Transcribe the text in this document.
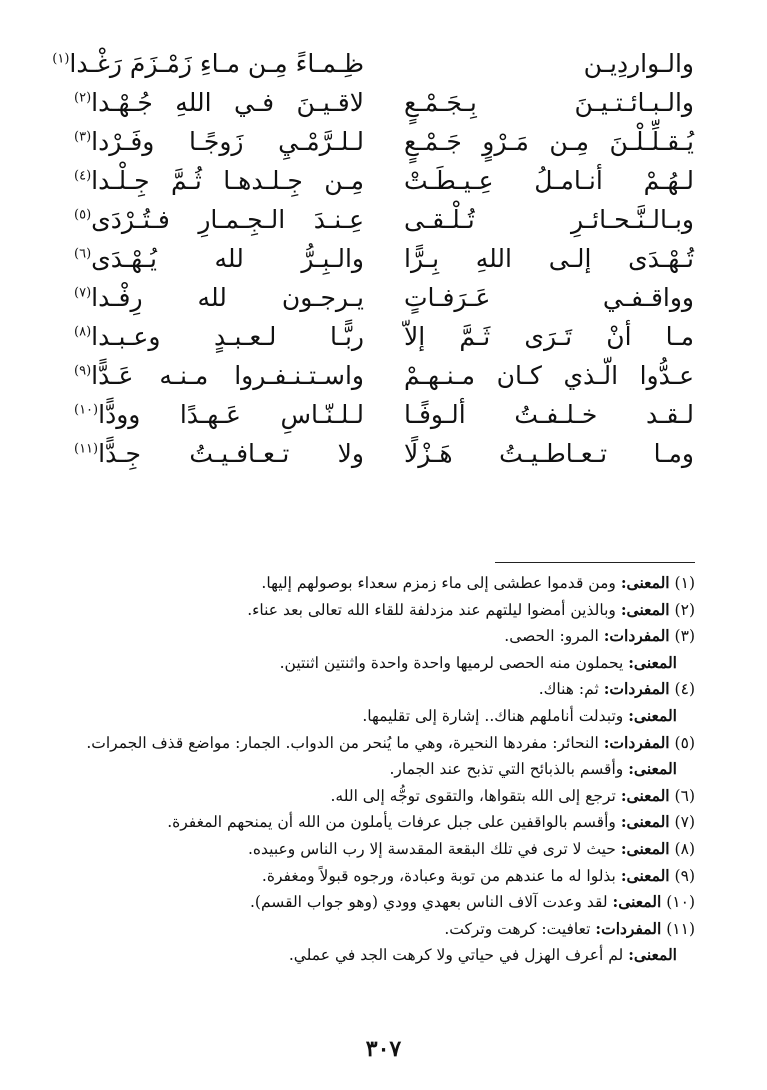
والـواردِيـن
ظِـمـاءً مِـن مـاءِ زَمْـزَمَ رَغْـدا$^{(١)}$
والـبـائـتـيـنَ بِـجَـمْـعٍ
لاقـيـنَ فـي اللهِ جُـهْـدا$^{(٢)}$
يُـقـلِّـلْـنَ مِـن مَـرْوٍ جَـمْـعٍ
لـلـرَّمْـيِ زَوجًـا وفَـرْدا$^{(٣)}$
لـهُـمْ أنـامـلُ عِـيـطَـتْ
مِـن جِـلـدهـا ثُـمَّ جِـلْـدا$^{(٤)}$
وبـالـنَّـحـائـرِ تُـلْـقـى
عِـنـدَ الـجِـمـارِ فـتُـرْدَى$^{(٥)}$
تُـهْـدَى إلـى اللهِ بِـرًّا
والـبِـرُّ لله يُـهْـدَى$^{(٦)}$
وواقـفـي عَـرَفـاتٍ
يـرجـون لله رِفْـدا$^{(٧)}$
مـا أنْ تَـرَى ثَـمَّ إلاّ
ربًّـا لـعـبـدٍ وعـبـدا$^{(٨)}$
عـدُّوا الّـذي كـان مـنـهـمْ
واسـتـنـفـروا مـنـه عَـدًّا$^{(٩)}$
لـقـد خـلـفـتُ ألـوفًـا
لـلـنّـاسِ عَـهـدًا وودًّا$^{(١٠)}$
ومـا تـعـاطـيـتُ هَـزْلًا
ولا تـعـافـيـتُ جِـدًّا$^{(١١)}$
(١) المعنى: ومن قدموا عطشى إلى ماء زمزم سعداء بوصولهم إليها.
(٢) المعنى: وبالذين أمضوا ليلتهم عند مزدلفة للقاء الله تعالى بعد عناء.
(٣) المفردات: المرو: الحصى.
المعنى: يحملون منه الحصى لرميها واحدة واحدة واثنتين اثنتين.
(٤) المفردات: ثم: هناك.
المعنى: وتبدلت أناملهم هناك.. إشارة إلى تقليمها.
(٥) المفردات: النحائر: مفردها النحيرة، وهي ما يُنحر من الدواب. الجمار: مواضع قذف الجمرات.
المعنى: وأقسم بالذبائح التي تذبح عند الجمار.
(٦) المعنى: ترجع إلى الله بتقواها، والتقوى توجُّه إلى الله.
(٧) المعنى: وأقسم بالواقفين على جبل عرفات يأملون من الله أن يمنحهم المغفرة.
(٨) المعنى: حيث لا ترى في تلك البقعة المقدسة إلا رب الناس وعبيده.
(٩) المعنى: بذلوا له ما عندهم من توبة وعبادة، ورجوه قبولاً ومغفرة.
(١٠) المعنى: لقد وعدت آلاف الناس بعهدي وودي (وهو جواب القسم).
(١١) المفردات: تعافيت: كرهت وتركت.
المعنى: لم أعرف الهزل في حياتي ولا كرهت الجد في عملي.
٣٠٧
